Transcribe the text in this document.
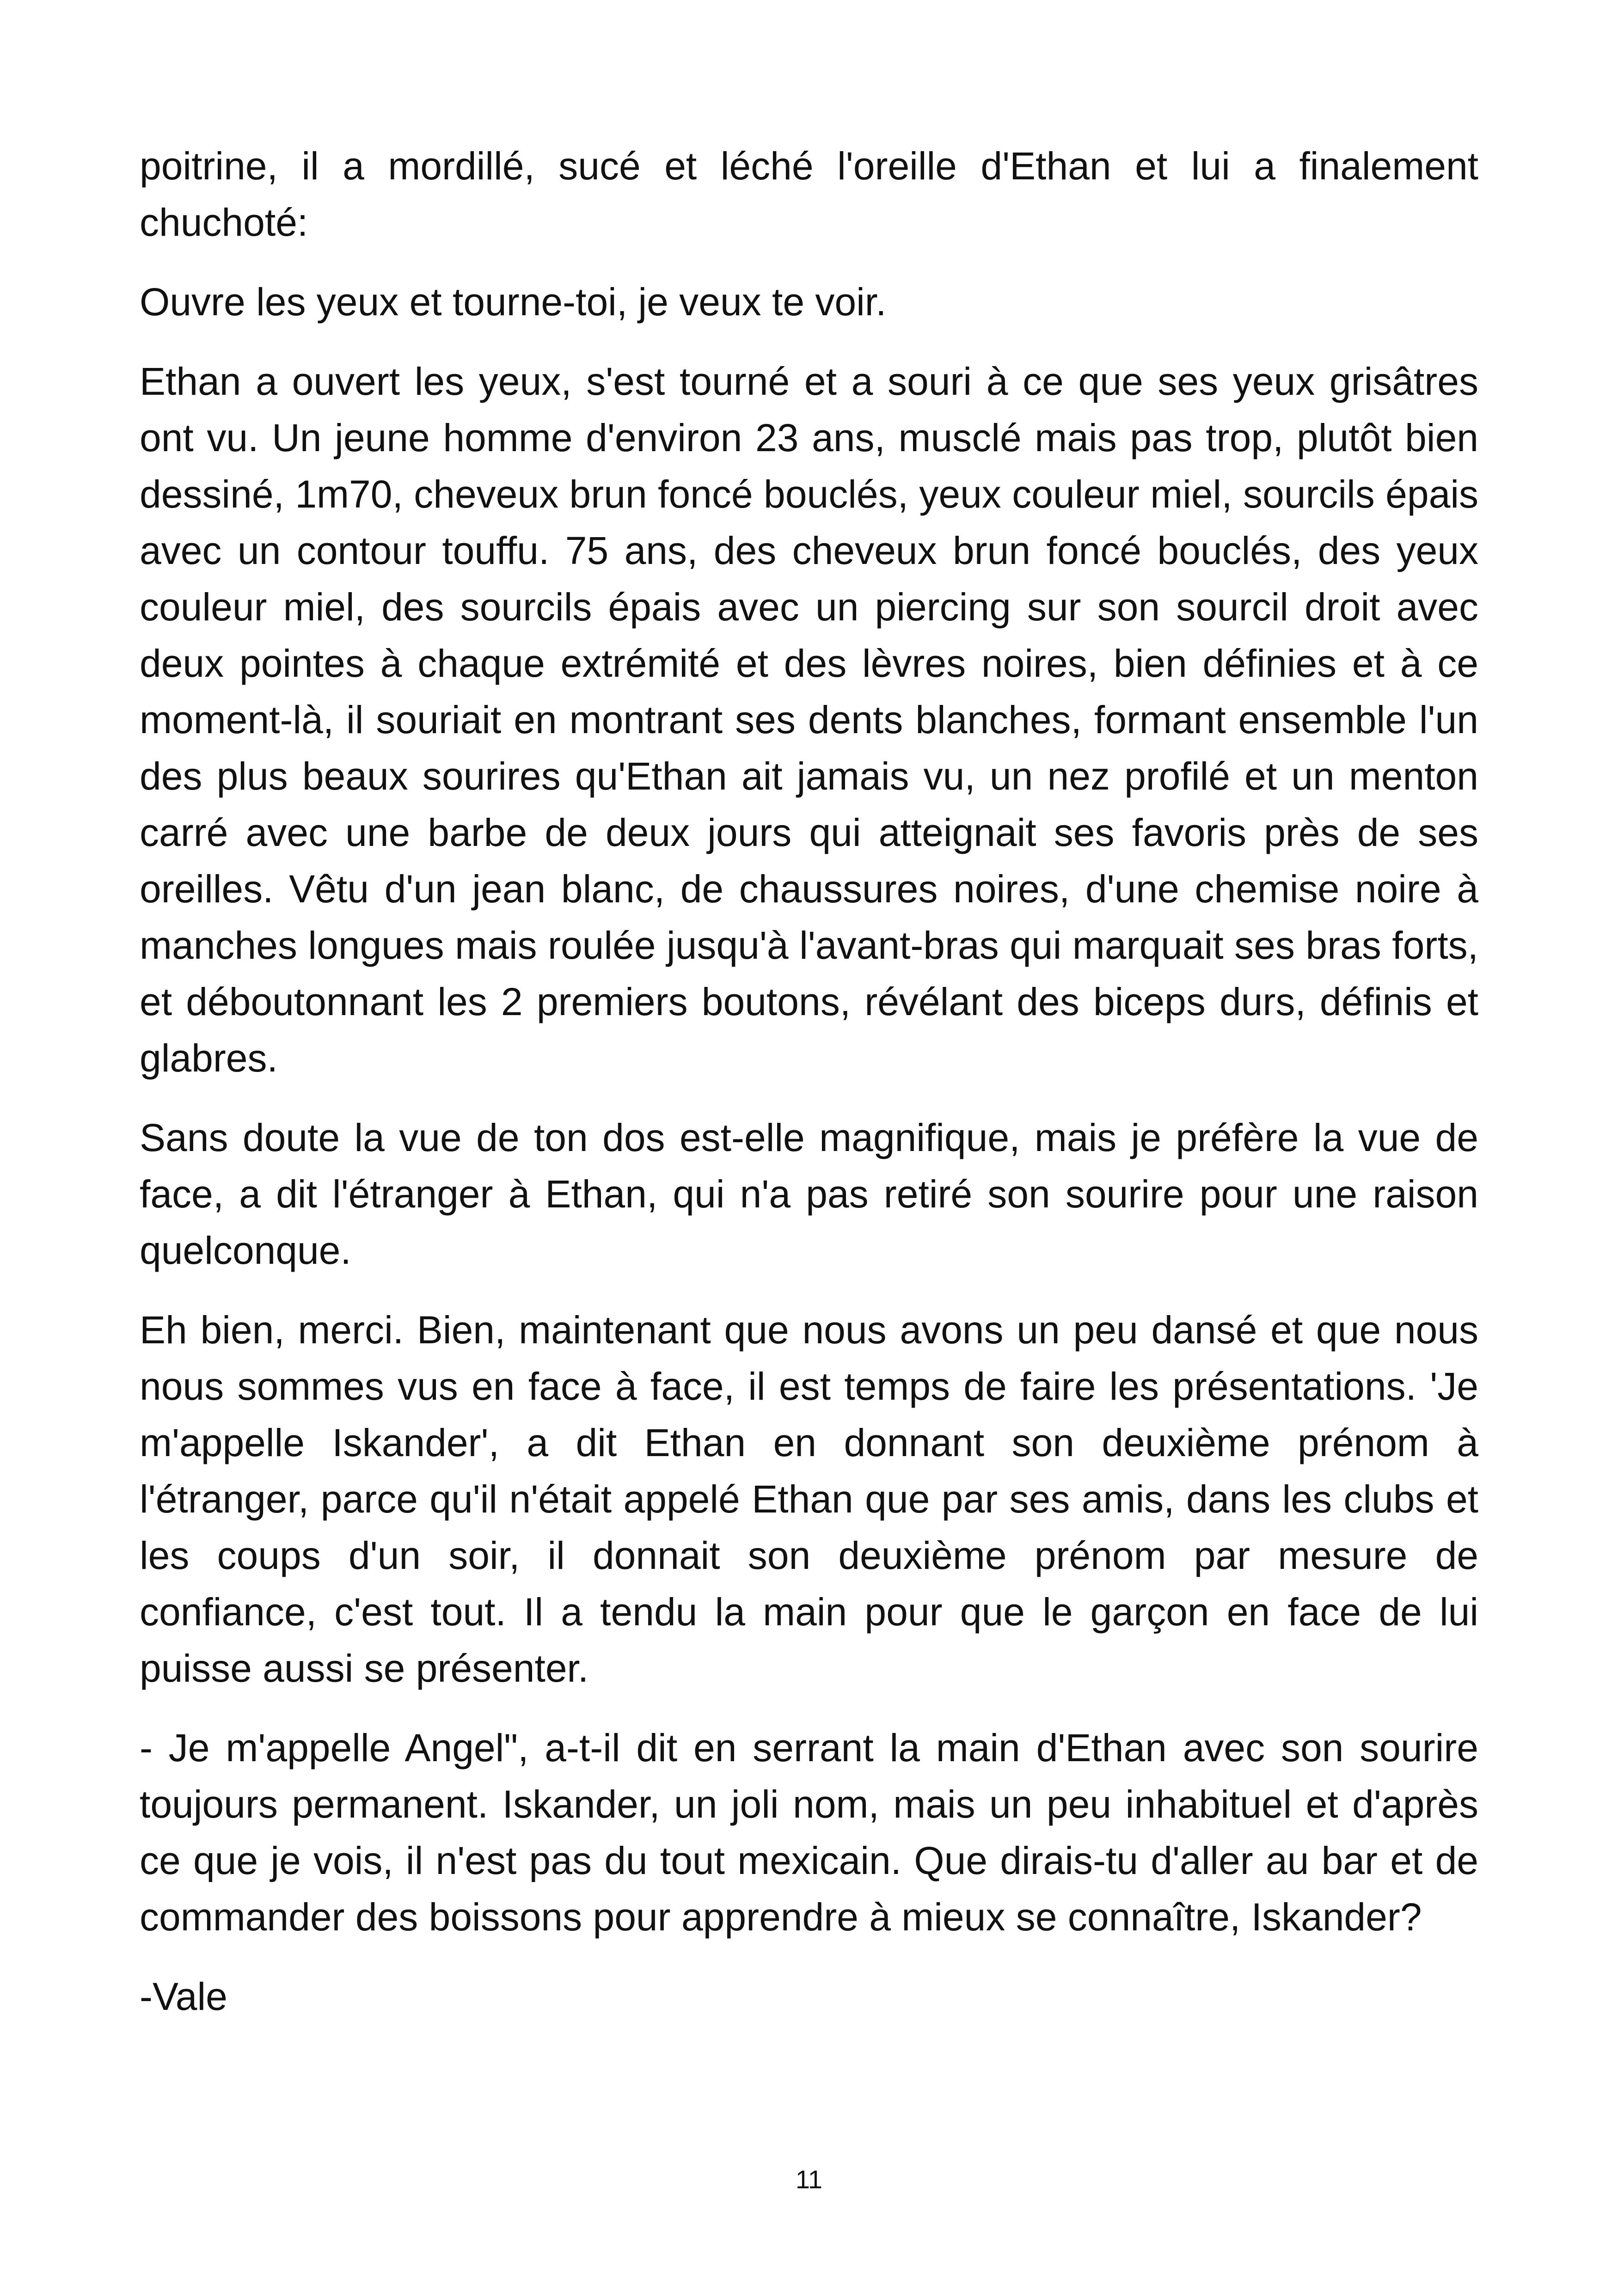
poitrine, il a mordillé, sucé et léché l'oreille d'Ethan et lui a finalement chuchoté:

Ouvre les yeux et tourne-toi, je veux te voir.

Ethan a ouvert les yeux, s'est tourné et a souri à ce que ses yeux grisâtres ont vu. Un jeune homme d'environ 23 ans, musclé mais pas trop, plutôt bien dessiné, 1m70, cheveux brun foncé bouclés, yeux couleur miel, sourcils épais avec un contour touffu. 75 ans, des cheveux brun foncé bouclés, des yeux couleur miel, des sourcils épais avec un piercing sur son sourcil droit avec deux pointes à chaque extrémité et des lèvres noires, bien définies et à ce moment-là, il souriait en montrant ses dents blanches, formant ensemble l'un des plus beaux sourires qu'Ethan ait jamais vu, un nez profilé et un menton carré avec une barbe de deux jours qui atteignait ses favoris près de ses oreilles. Vêtu d'un jean blanc, de chaussures noires, d'une chemise noire à manches longues mais roulée jusqu'à l'avant-bras qui marquait ses bras forts, et déboutonnant les 2 premiers boutons, révélant des biceps durs, définis et glabres.

Sans doute la vue de ton dos est-elle magnifique, mais je préfère la vue de face, a dit l'étranger à Ethan, qui n'a pas retiré son sourire pour une raison quelconque.

Eh bien, merci. Bien, maintenant que nous avons un peu dansé et que nous nous sommes vus en face à face, il est temps de faire les présentations. 'Je m'appelle Iskander', a dit Ethan en donnant son deuxième prénom à l'étranger, parce qu'il n'était appelé Ethan que par ses amis, dans les clubs et les coups d'un soir, il donnait son deuxième prénom par mesure de confiance, c'est tout. Il a tendu la main pour que le garçon en face de lui puisse aussi se présenter.

- Je m'appelle Angel", a-t-il dit en serrant la main d'Ethan avec son sourire toujours permanent. Iskander, un joli nom, mais un peu inhabituel et d'après ce que je vois, il n'est pas du tout mexicain. Que dirais-tu d'aller au bar et de commander des boissons pour apprendre à mieux se connaître, Iskander?

-Vale

11
